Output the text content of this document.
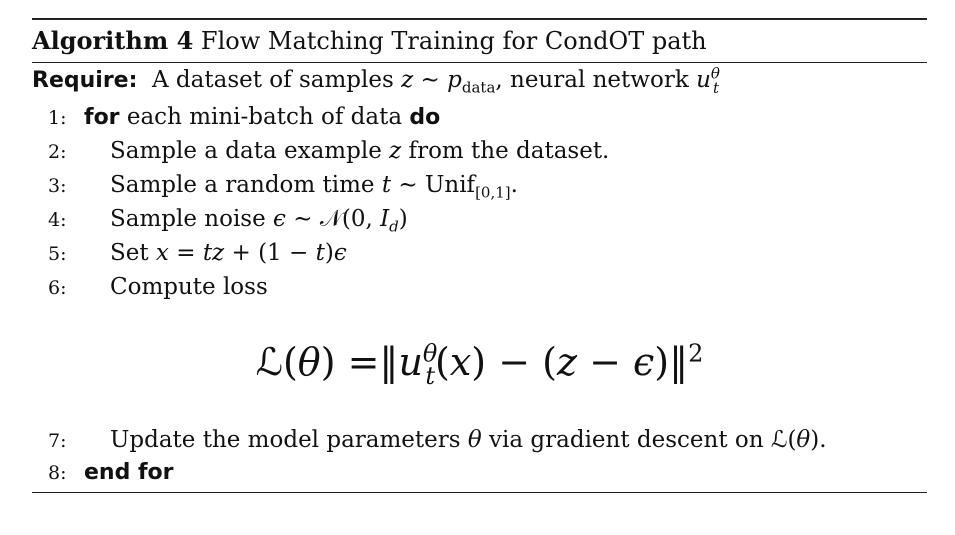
Algorithm 4 Flow Matching Training for CondOT path
Require:  A dataset of samples z ∼ $p_{data}$, neural network $u^\theta_t$
1: for each mini-batch of data do
2: Sample a data example z from the dataset.
3: Sample a random time t ∼ Unif$_{[0,1]}$.
4: Sample noise ϵ ∼ 𝒩(0, $I_d$)
5: Set x = tz + (1 − t)ϵ
6: Compute loss
ℒ(θ) $=‖u^\theta_t(x) - (z$ − ϵ)‖$^2$
7: Update the model parameters θ via gradient descent on ℒ(θ).
8: end for
